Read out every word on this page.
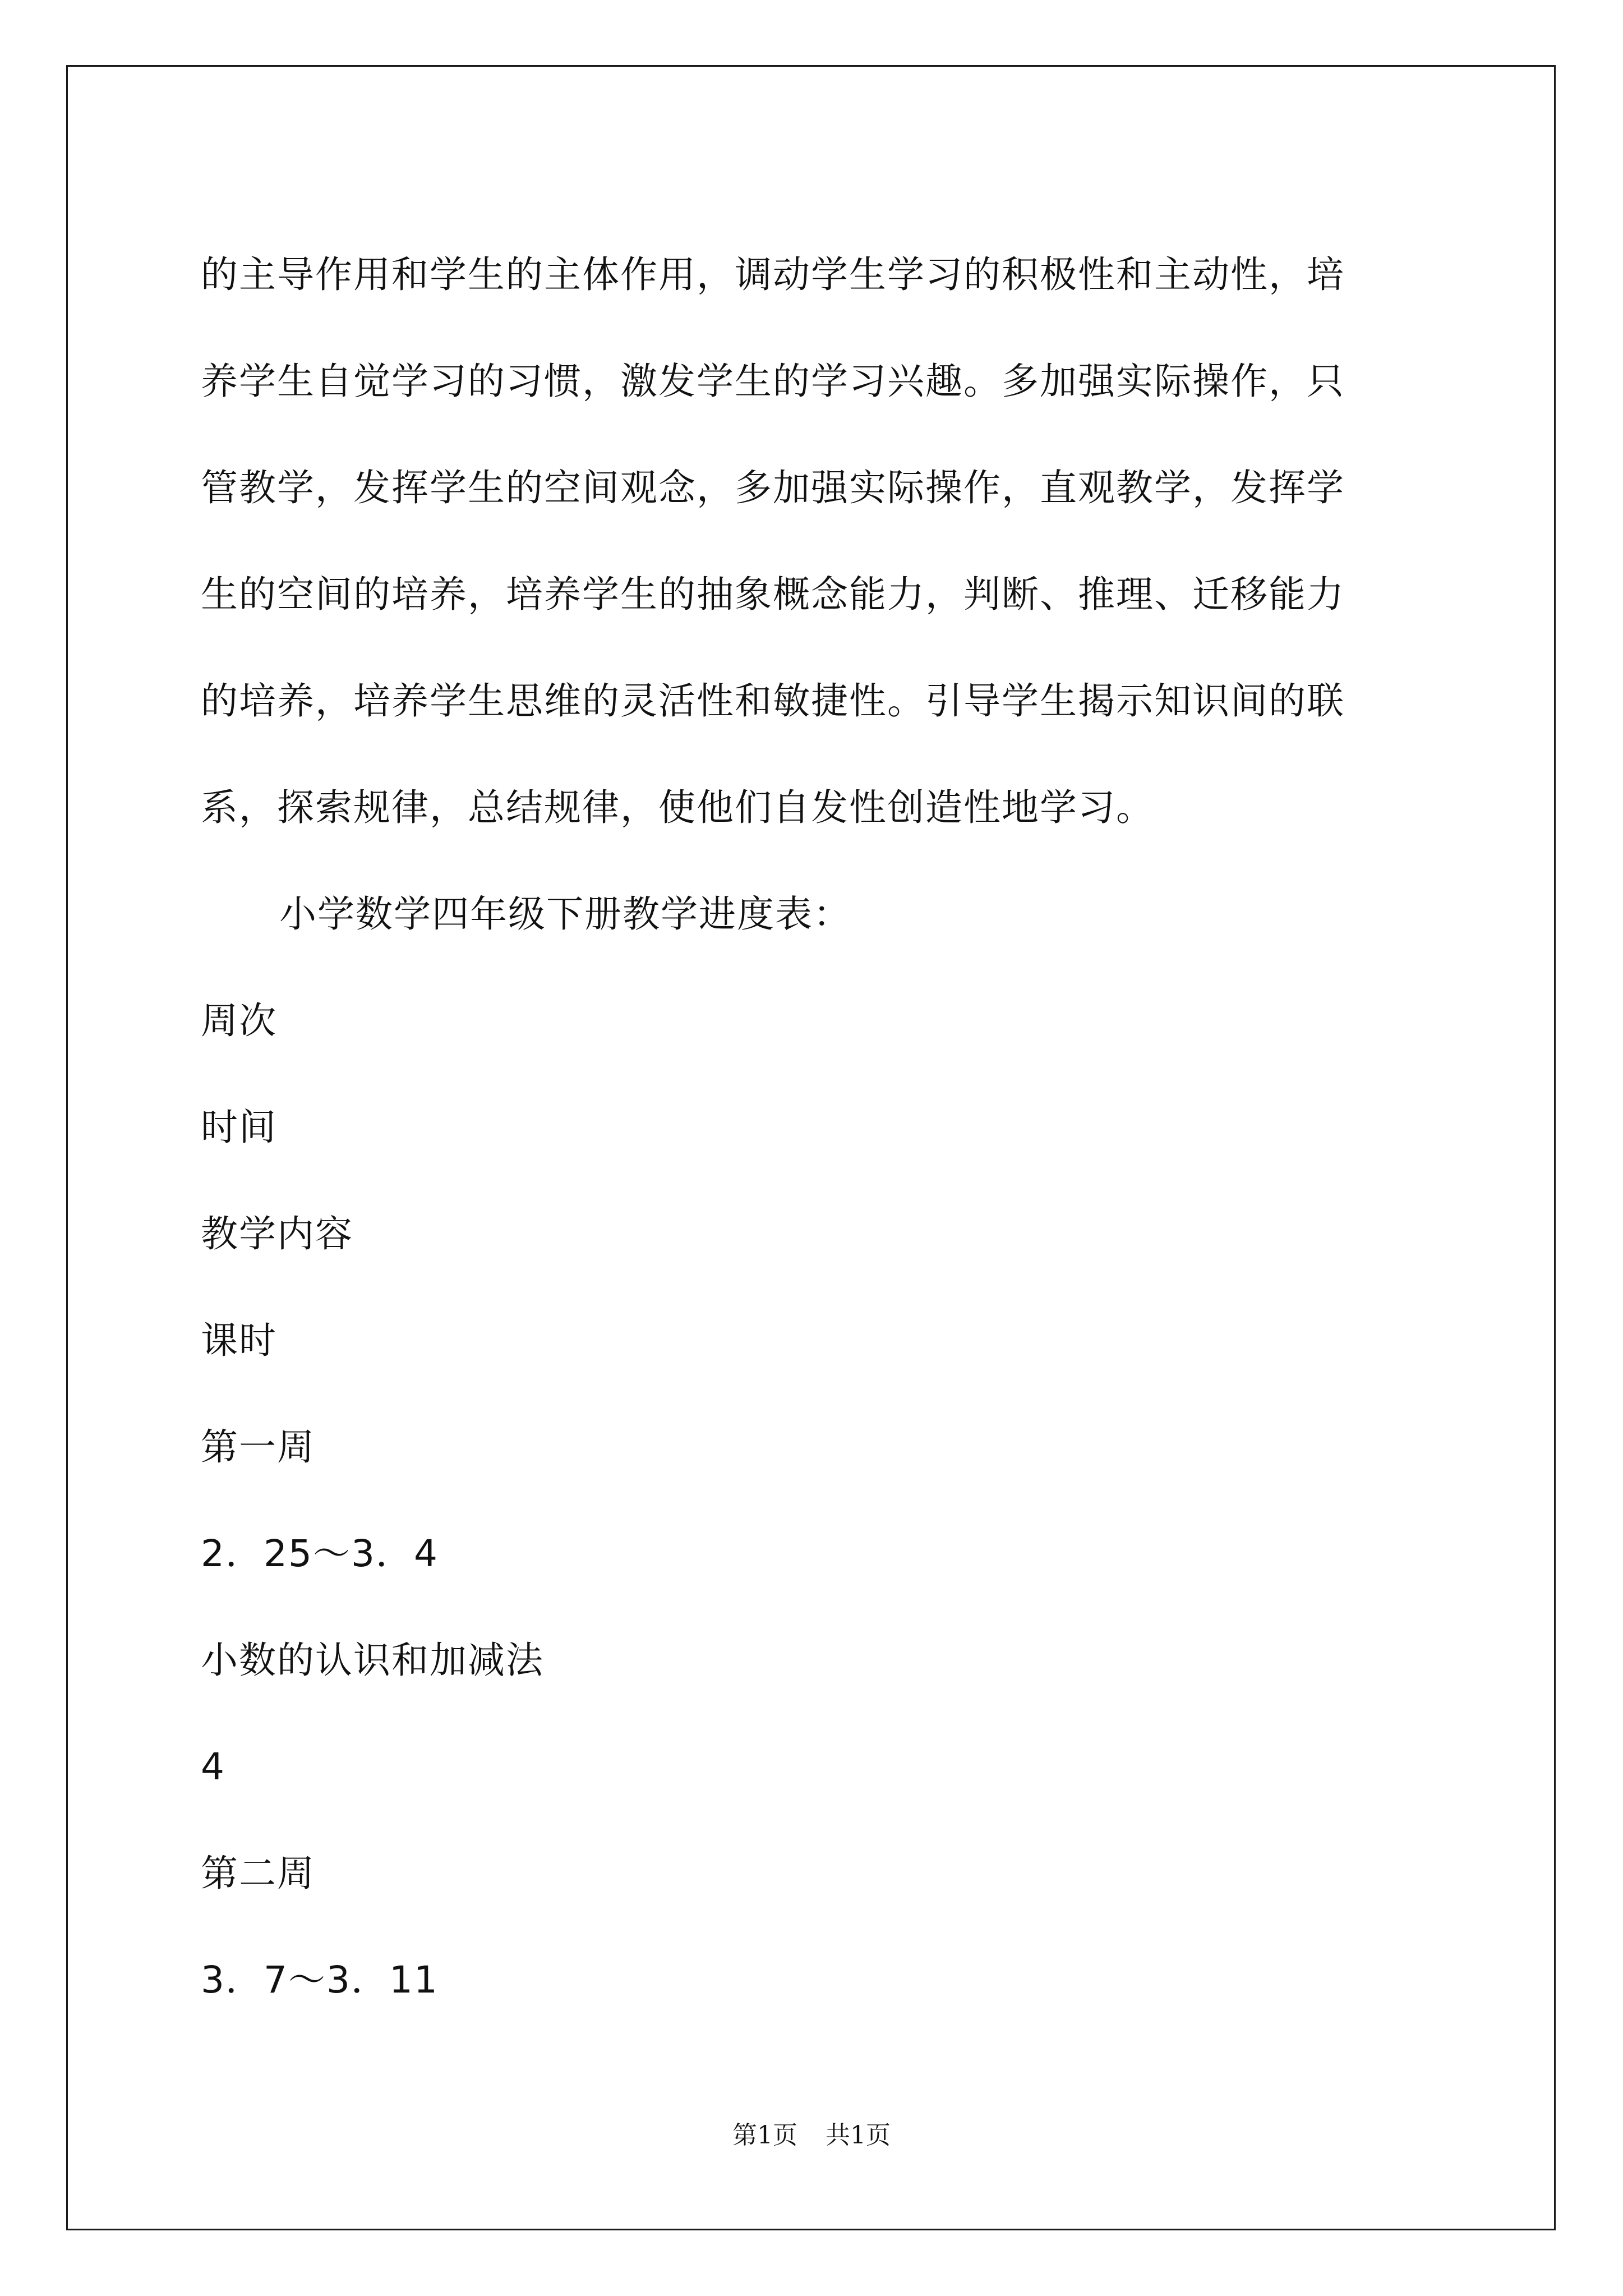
的主导作用和学生的主体作用，调动学生学习的积极性和主动性，培
养学生自觉学习的习惯，激发学生的学习兴趣。多加强实际操作，只
管教学，发挥学生的空间观念，多加强实际操作，直观教学，发挥学
生的空间的培养，培养学生的抽象概念能力，判断、推理、迁移能力
的培养，培养学生思维的灵活性和敏捷性。引导学生揭示知识间的联
系，探索规律，总结规律，使他们自发性创造性地学习。
小学数学四年级下册教学进度表：
周次
时间
教学内容
课时
第一周
2．25～3．4
小数的认识和加减法
4
第二周
3．7～3．11
第1页 共1页
